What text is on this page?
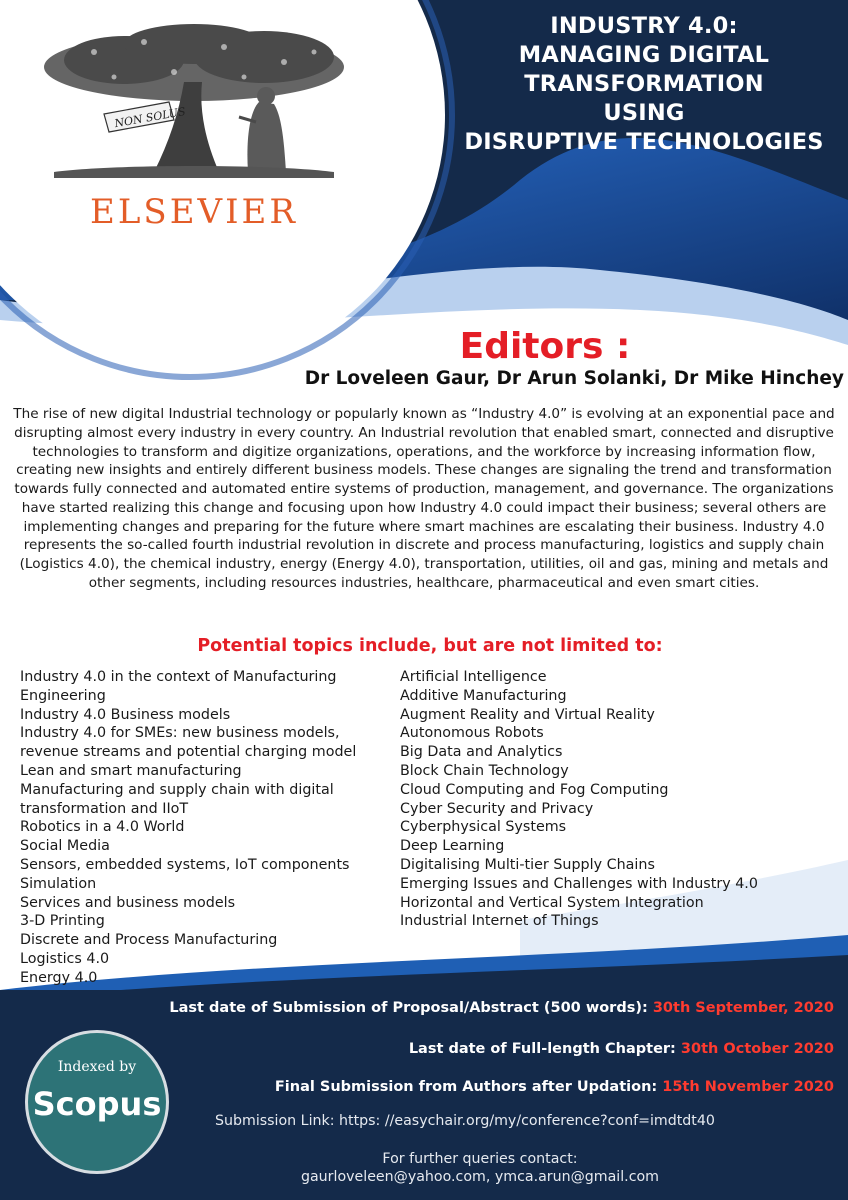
NON SOLUS
ELSEVIER
INDUSTRY 4.0:
MANAGING DIGITAL
TRANSFORMATION
USING
DISRUPTIVE TECHNOLOGIES
Editors :
Dr Loveleen Gaur, Dr Arun Solanki, Dr Mike Hinchey

The rise of new digital Industrial technology or popularly known as “Industry 4.0” is evolving at an exponential pace and disrupting almost every industry in every country. An Industrial revolution that enabled smart, connected and disruptive technologies to transform and digitize organizations, operations, and the workforce by increasing information flow, creating new insights and entirely different business models. These changes are signaling the trend and transformation towards fully connected and automated entire systems of production, management, and governance. The organizations have started realizing this change and focusing upon how Industry 4.0 could impact their business; several others are implementing changes and preparing for the future where smart machines are escalating their business. Industry 4.0 represents the so-called fourth industrial revolution in discrete and process manufacturing, logistics and supply chain (Logistics 4.0), the chemical industry, energy (Energy 4.0), transportation, utilities, oil and gas, mining and metals and other segments, including resources industries, healthcare, pharmaceutical and even smart cities.

Potential topics include, but are not limited to:
Industry 4.0 in the context of Manufacturing
Engineering
Industry 4.0 Business models
Industry 4.0 for SMEs: new business models,
revenue streams and potential charging model
Lean and smart manufacturing
Manufacturing and supply chain with digital
transformation and IIoT
Robotics in a 4.0 World
Social Media
Sensors, embedded systems, IoT components
Simulation
Services and business models
3-D Printing
Discrete and Process Manufacturing
Logistics 4.0
Energy 4.0
Artificial Intelligence
Additive Manufacturing
Augment Reality and Virtual Reality
Autonomous Robots
Big Data and Analytics
Block Chain Technology
Cloud Computing and Fog Computing
Cyber Security and Privacy
Cyberphysical Systems
Deep Learning
Digitalising Multi-tier Supply Chains
Emerging Issues and Challenges with Industry 4.0
Horizontal and Vertical System Integration
Industrial Internet of Things
Last date of Submission of Proposal/Abstract (500 words): 30th September, 2020
Last date of Full-length Chapter: 30th October 2020
Final Submission from Authors after Updation: 15th November 2020
Submission Link: https: //easychair.org/my/conference?conf=imdtdt40
For further queries contact:
gaurloveleen@yahoo.com, ymca.arun@gmail.com
Indexed by
Scopus
